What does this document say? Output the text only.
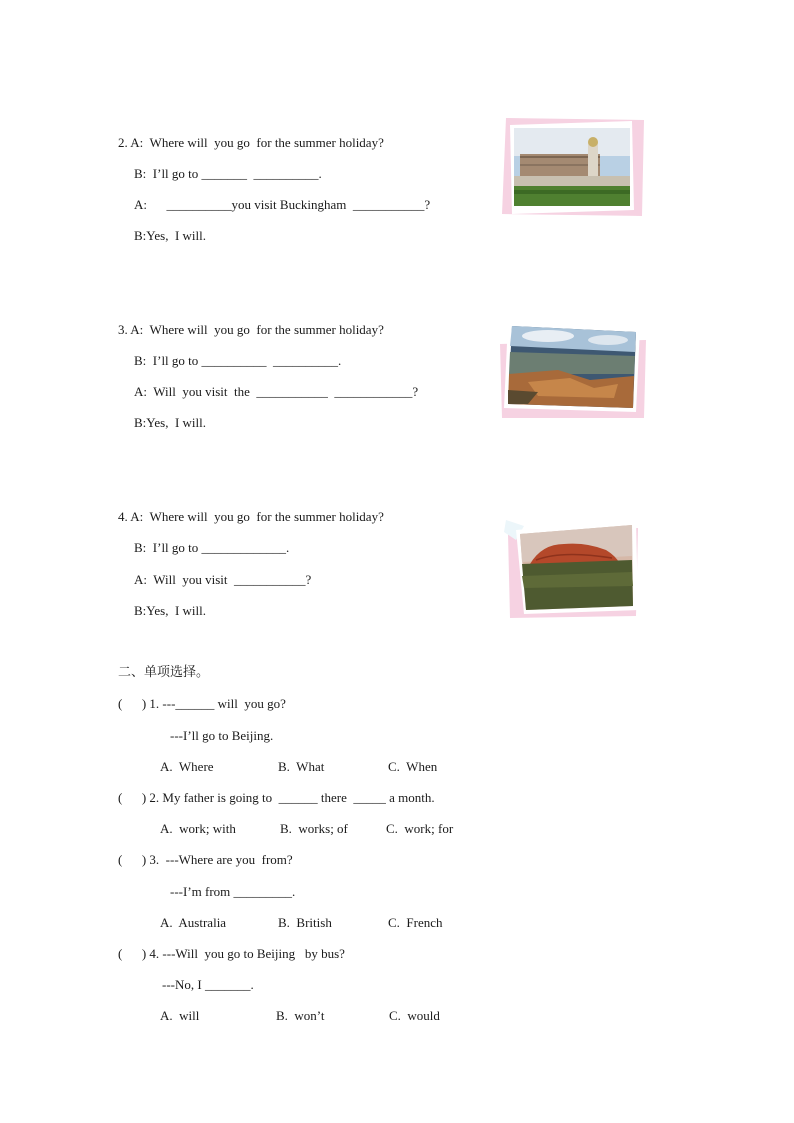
2. A:  Where will  you go  for the summer holiday?
B:  I’ll go to _______  __________.
A:      __________you visit Buckingham  ___________?
B:Yes,  I will.
3. A:  Where will  you go  for the summer holiday?
B:  I’ll go to __________  __________.
A:  Will  you visit  the  ___________  ____________?
B:Yes,  I will.
4. A:  Where will  you go  for the summer holiday?
B:  I’ll go to _____________.
A:  Will  you visit  ___________?
B:Yes,  I will.
二、单项选择。
(      ) 1. ---______ will  you go?
---I’ll go to Beijing.
A.  Where	B.  What	C.  When
(      ) 2. My father is going to  ______ there  _____ a month.
A.  work; with	B.  works; of	C.  work; for
(      ) 3.  ---Where are you  from?
---I’m from _________.
A.  Australia	B.  British	C.  French
(      ) 4. ---Will  you go to Beijing   by bus?
---No, I _______.
A.  will	B.  won’t	C.  would
